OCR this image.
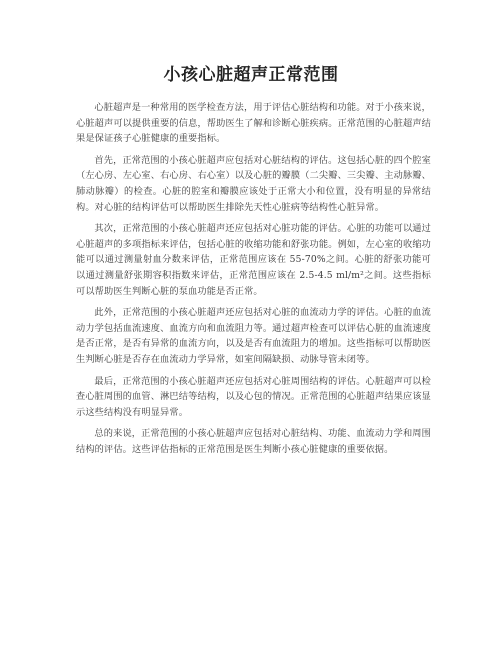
小孩心脏超声正常范围

心脏超声是一种常用的医学检查方法，用于评估心脏结构和功能。对于小孩来说，心脏超声可以提供重要的信息，帮助医生了解和诊断心脏疾病。正常范围的心脏超声结果是保证孩子心脏健康的重要指标。

首先，正常范围的小孩心脏超声应包括对心脏结构的评估。这包括心脏的四个腔室（左心房、左心室、右心房、右心室）以及心脏的瓣膜（二尖瓣、三尖瓣、主动脉瓣、肺动脉瓣）的检查。心脏的腔室和瓣膜应该处于正常大小和位置，没有明显的异常结构。对心脏的结构评估可以帮助医生排除先天性心脏病等结构性心脏异常。

其次，正常范围的小孩心脏超声还应包括对心脏功能的评估。心脏的功能可以通过心脏超声的多项指标来评估，包括心脏的收缩功能和舒张功能。例如，左心室的收缩功能可以通过测量射血分数来评估，正常范围应该在 55-70%之间。心脏的舒张功能可以通过测量舒张期容积指数来评估，正常范围应该在 2.5-4.5 ml/m²之间。这些指标可以帮助医生判断心脏的泵血功能是否正常。

此外，正常范围的小孩心脏超声还应包括对心脏的血流动力学的评估。心脏的血流动力学包括血流速度、血流方向和血流阻力等。通过超声检查可以评估心脏的血流速度是否正常，是否有异常的血流方向，以及是否有血流阻力的增加。这些指标可以帮助医生判断心脏是否存在血流动力学异常，如室间隔缺损、动脉导管未闭等。

最后，正常范围的小孩心脏超声还应包括对心脏周围结构的评估。心脏超声可以检查心脏周围的血管、淋巴结等结构，以及心包的情况。正常范围的心脏超声结果应该显示这些结构没有明显异常。

总的来说，正常范围的小孩心脏超声应包括对心脏结构、功能、血流动力学和周围结构的评估。这些评估指标的正常范围是医生判断小孩心脏健康的重要依据。
